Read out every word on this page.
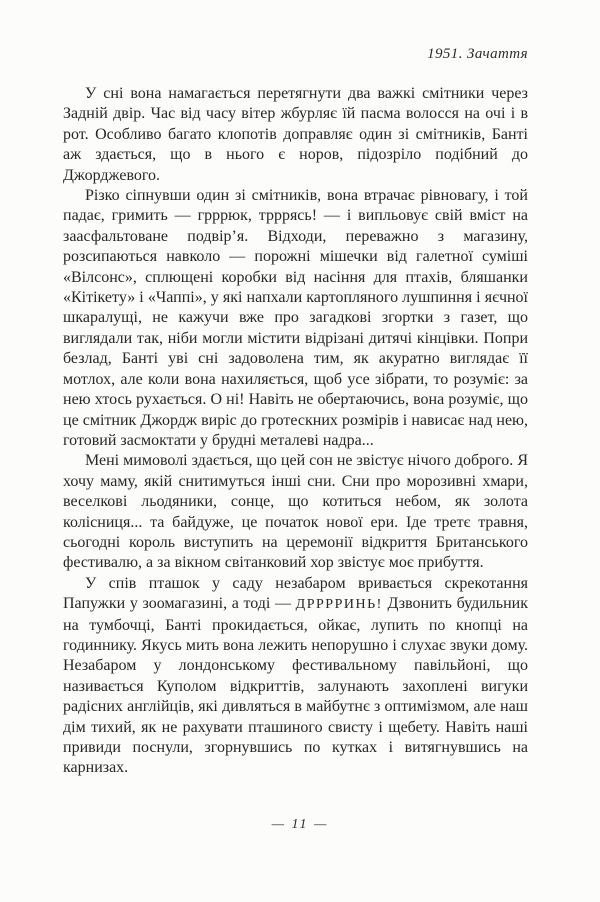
1951. Зачаття

У сні вона намагається перетягнути два важкі смітники через Задній двір. Час від часу вітер жбурляє їй пасма волосся на очі і в рот. Особливо багато клопотів доправляє один зі смітників, Банті аж здається, що в нього є норов, підозріло подібний до Джорджевого.

Різко сіпнувши один зі смітників, вона втрачає рівновагу, і той падає, гримить — грррюк, трррясь! — і випльовує свій вміст на заасфальтоване подвір’я. Відходи, переважно з магазину, розсипаються навколо — порожні мішечки від галетної суміші «Вілсонс», сплющені коробки від насіння для птахів, бляшанки «Кітікету» і «Чаппі», у які напхали картопляного лушпиння і яєчної шкаралущі, не кажучи вже про загадкові згортки з газет, що виглядали так, ніби могли містити відрізані дитячі кінцівки. Попри безлад, Банті уві сні задоволена тим, як акуратно виглядає її мотлох, але коли вона нахиляється, щоб усе зібрати, то розуміє: за нею хтось рухається. О ні! Навіть не обертаючись, вона розуміє, що це смітник Джордж виріс до гротескних розмірів і нависає над нею, готовий засмоктати у брудні металеві надра...

Мені мимоволі здається, що цей сон не звістує нічого доброго. Я хочу маму, якій снитимуться інші сни. Сни про морозивні хмари, веселкові льодяники, сонце, що котиться небом, як золота колісниця... та байдуже, це початок нової ери. Іде третє травня, сьогодні король виступить на церемонії відкриття Британського фестивалю, а за вікном світанковий хор звістує моє прибуття.

У спів пташок у саду незабаром вривається скрекотання Папужки у зоомагазині, а тоді — ДРРРРИНЬ! Дзвонить будильник на тумбочці, Банті прокидається, ойкає, лупить по кнопці на годиннику. Якусь мить вона лежить непорушно і слухає звуки дому. Незабаром у лондонському фестивальному павільйоні, що називається Куполом відкриттів, залунають захоплені вигуки радісних англійців, які дивляться в майбутнє з оптимізмом, але наш дім тихий, як не рахувати пташиного свисту і щебету. Навіть наші привиди поснули, згорнувшись по кутках і витягнувшись на карнизах.

— 11 —
